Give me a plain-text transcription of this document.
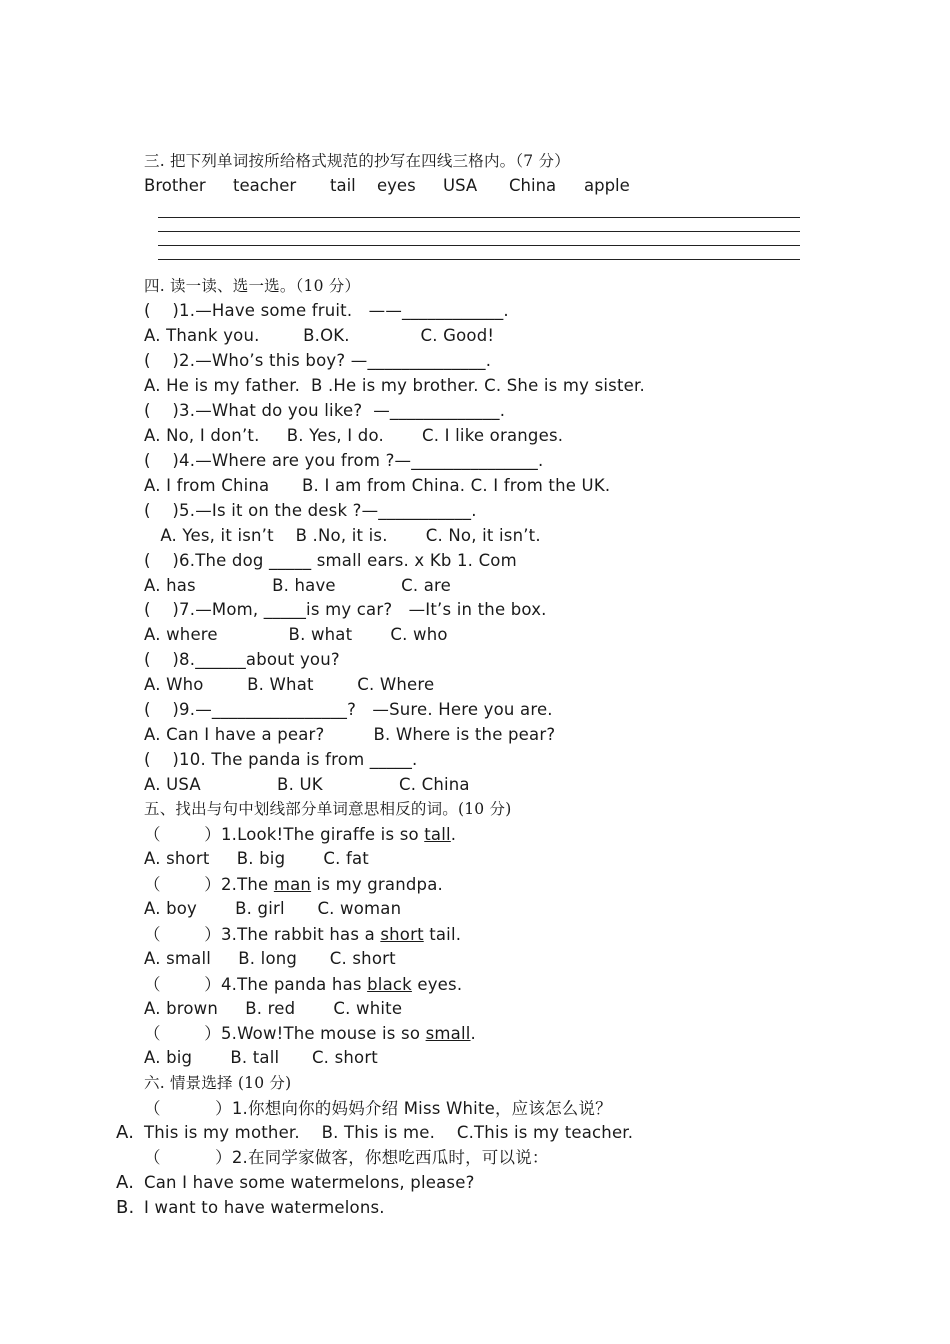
三. 把下列单词按所给格式规范的抄写在四线三格内。（7 分）
Brother teacher tail eyes USA China apple
四. 读一读、选一选。（10 分）
(    )1.—Have some fruit.   ——____________.
A. Thank you.        B.OK.             C. Good!
(    )2.—Who’s this boy? —______________.
A. He is my father.  B .He is my brother. C. She is my sister.
(    )3.—What do you like?  —_____________.
A. No, I don’t.     B. Yes, I do.       C. I like oranges.
(    )4.—Where are you from ?—_______________.
A. I from China      B. I am from China. C. I from the UK.
(    )5.—Is it on the desk ?—___________.
A. Yes, it isn’t    B .No, it is.       C. No, it isn’t.
(    )6.The dog _____ small ears. x Kb 1. Com
A. has              B. have            C. are
(    )7.—Mom, _____is my car?   —It’s in the box.
A. where             B. what       C. who
(    )8.______about you?
A. Who        B. What        C. Where
(    )9.—________________?   —Sure. Here you are.
A. Can I have a pear?         B. Where is the pear?
(    )10. The panda is from _____.
A. USA              B. UK              C. China
五、找出与句中划线部分单词意思相反的词。(10 分)
（        ）1.Look!The giraffe is so tall.
A. short     B. big       C. fat
（        ）2.The man is my grandpa.
A. boy       B. girl      C. woman
（        ）3.The rabbit has a short tail.
A. small     B. long      C. short
（        ）4.The panda has black eyes.
A. brown     B. red       C. white
（        ）5.Wow!The mouse is so small.
A. big       B. tall      C. short
六. 情景选择 (10 分)
（          ）1.你想向你的妈妈介绍 Miss White，应该怎么说？
A. This is my mother.    B. This is me.    C.This is my teacher.
（          ）2.在同学家做客，你想吃西瓜时，可以说：
A. Can I have some watermelons, please?
B. I want to have watermelons.
